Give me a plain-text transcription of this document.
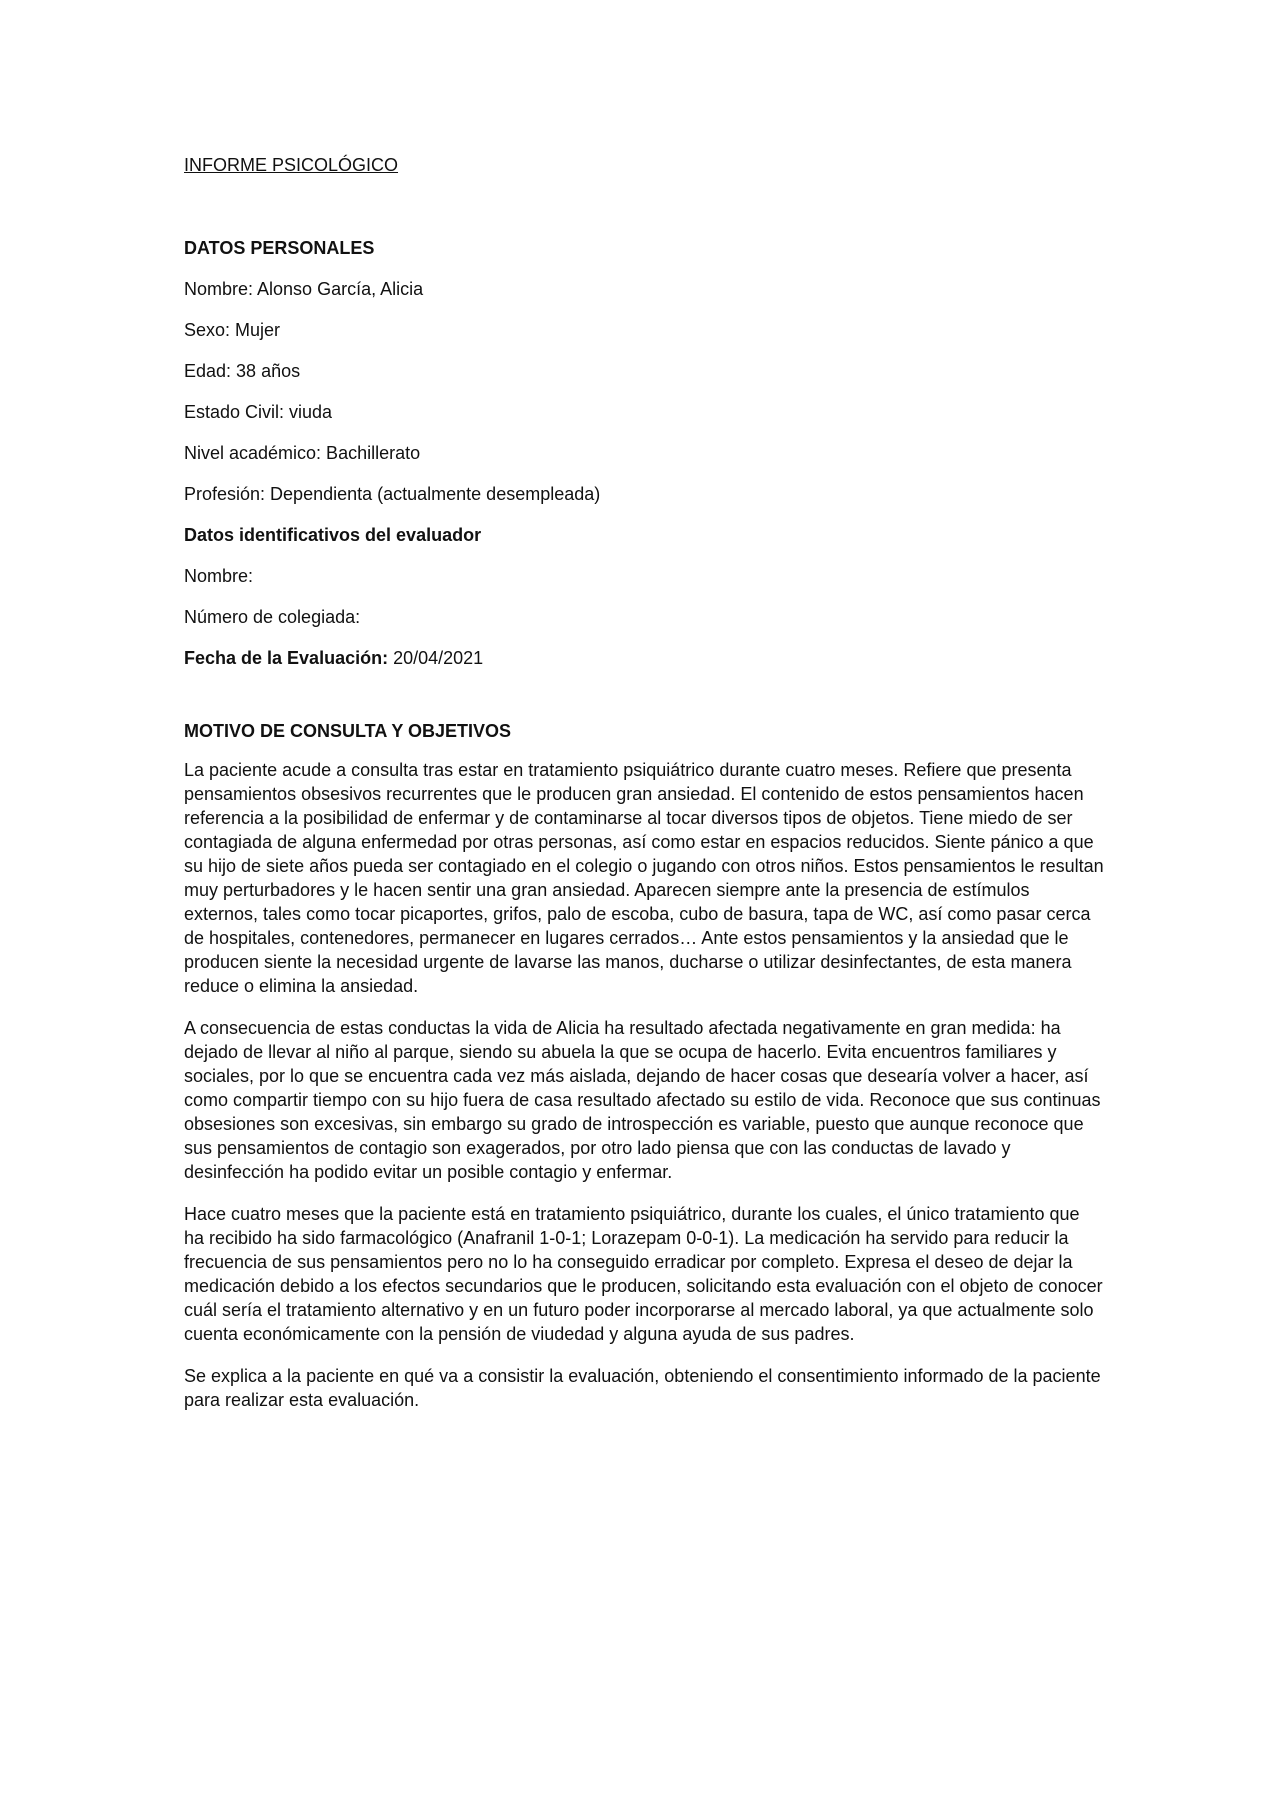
INFORME PSICOLÓGICO

DATOS PERSONALES

Nombre: Alonso García, Alicia

Sexo: Mujer

Edad: 38 años

Estado Civil: viuda

Nivel académico: Bachillerato

Profesión: Dependienta (actualmente desempleada)

Datos identificativos del evaluador

Nombre:

Número de colegiada:

Fecha de la Evaluación: 20/04/2021

MOTIVO DE CONSULTA Y OBJETIVOS

La paciente acude a consulta tras estar en tratamiento psiquiátrico durante cuatro meses. Refiere que presenta pensamientos obsesivos recurrentes que le producen gran ansiedad. El contenido de estos pensamientos hacen referencia a la posibilidad de enfermar y de contaminarse al tocar diversos tipos de objetos. Tiene miedo de ser contagiada de alguna enfermedad por otras personas, así como estar en espacios reducidos. Siente pánico a que su hijo de siete años pueda ser contagiado en el colegio o jugando con otros niños. Estos pensamientos le resultan muy perturbadores y le hacen sentir una gran ansiedad. Aparecen siempre ante la presencia de estímulos externos, tales como tocar picaportes, grifos, palo de escoba, cubo de basura, tapa de WC, así como pasar cerca de hospitales, contenedores, permanecer en lugares cerrados… Ante estos pensamientos y la ansiedad que le producen siente la necesidad urgente de lavarse las manos, ducharse o utilizar desinfectantes, de esta manera reduce o elimina la ansiedad.

A consecuencia de estas conductas la vida de Alicia ha resultado afectada negativamente en gran medida: ha dejado de llevar al niño al parque, siendo su abuela la que se ocupa de hacerlo. Evita encuentros familiares y sociales, por lo que se encuentra cada vez más aislada, dejando de hacer cosas que desearía volver a hacer, así como compartir tiempo con su hijo fuera de casa resultado afectado su estilo de vida. Reconoce que sus continuas obsesiones son excesivas, sin embargo su grado de introspección es variable, puesto que aunque reconoce que sus pensamientos de contagio son exagerados, por otro lado piensa que con las conductas de lavado y desinfección ha podido evitar un posible contagio y enfermar.

Hace cuatro meses que la paciente está en tratamiento psiquiátrico, durante los cuales, el único tratamiento que ha recibido ha sido farmacológico (Anafranil 1-0-1; Lorazepam 0-0-1). La medicación ha servido para reducir la frecuencia de sus pensamientos pero no lo ha conseguido erradicar por completo. Expresa el deseo de dejar la medicación debido a los efectos secundarios que le producen, solicitando esta evaluación con el objeto de conocer cuál sería el tratamiento alternativo y en un futuro poder incorporarse al mercado laboral, ya que actualmente solo cuenta económicamente con la pensión de viudedad y alguna ayuda de sus padres.

Se explica a la paciente en qué va a consistir la evaluación, obteniendo el consentimiento informado de la paciente para realizar esta evaluación.
